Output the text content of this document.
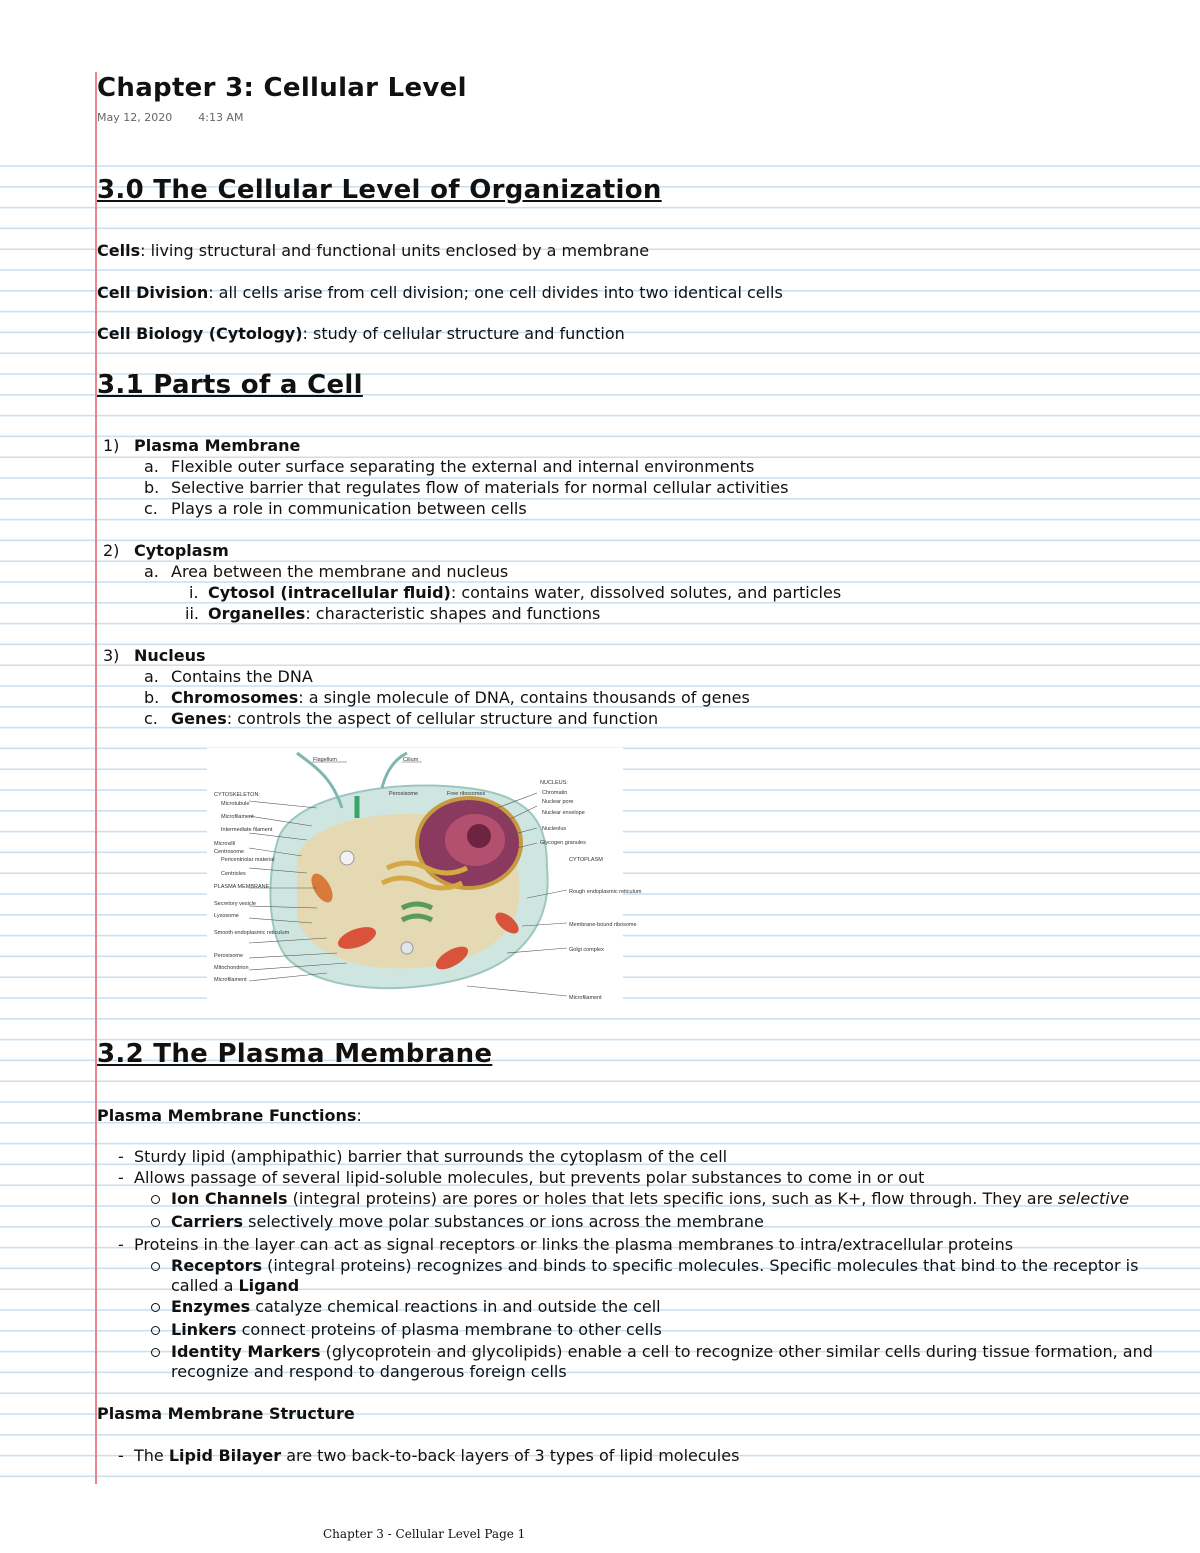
Chapter 3: Cellular Level
May 12, 2020 4:13 AM
3.0 The Cellular Level of Organization
Cells: living structural and functional units enclosed by a membrane
Cell Division: all cells arise from cell division; one cell divides into two identical cells
Cell Biology (Cytology): study of cellular structure and function
3.1 Parts of a Cell
1) Plasma Membrane
a. Flexible outer surface separating the external and internal environments
b. Selective barrier that regulates flow of materials for normal cellular activities
c. Plays a role in communication between cells
2) Cytoplasm
a. Area between the membrane and nucleus
i. Cytosol (intracellular fluid): contains water, dissolved solutes, and particles
ii. Organelles: characteristic shapes and functions
3) Nucleus
a. Contains the DNA
b. Chromosomes: a single molecule of DNA, contains thousands of genes
c. Genes: controls the aspect of cellular structure and function
3.2 The Plasma Membrane
Plasma Membrane Functions:
- Sturdy lipid (amphipathic) barrier that surrounds the cytoplasm of the cell
- Allows passage of several lipid-soluble molecules, but prevents polar substances to come in or out
Ion Channels (integral proteins) are pores or holes that lets specific ions, such as K+, flow through. They are selective
Carriers selectively move polar substances or ions across the membrane
- Proteins in the layer can act as signal receptors or links the plasma membranes to intra/extracellular proteins
Receptors (integral proteins) recognizes and binds to specific molecules. Specific molecules that bind to the receptor is
called a Ligand
Enzymes catalyze chemical reactions in and outside the cell
Linkers connect proteins of plasma membrane to other cells
Identity Markers (glycoprotein and glycolipids) enable a cell to recognize other similar cells during tissue formation, and
recognize and respond to dangerous foreign cells
Plasma Membrane Structure
- The Lipid Bilayer are two back-to-back layers of 3 types of lipid molecules
Flagellum	Cilium
CYTOSKELETON:
Microtubule
Microfilament
Intermediate filament
Microvilli
Centrosome
Pericentriolar material
Centrioles
PLASMA MEMBRANE
Secretory vesicle
Lysosome
Smooth endoplasmic reticulum
Peroxisome
Mitochondrion
Microfilament
Peroxisome	Free ribosomes
NUCLEUS:
Chromatin
Nuclear pore
Nuclear envelope
Nucleolus
Glycogen granules
CYTOPLASM
Rough endoplasmic reticulum
Membrane-bound ribosome
Golgi complex
Microfilament
Chapter 3 - Cellular Level Page 1
